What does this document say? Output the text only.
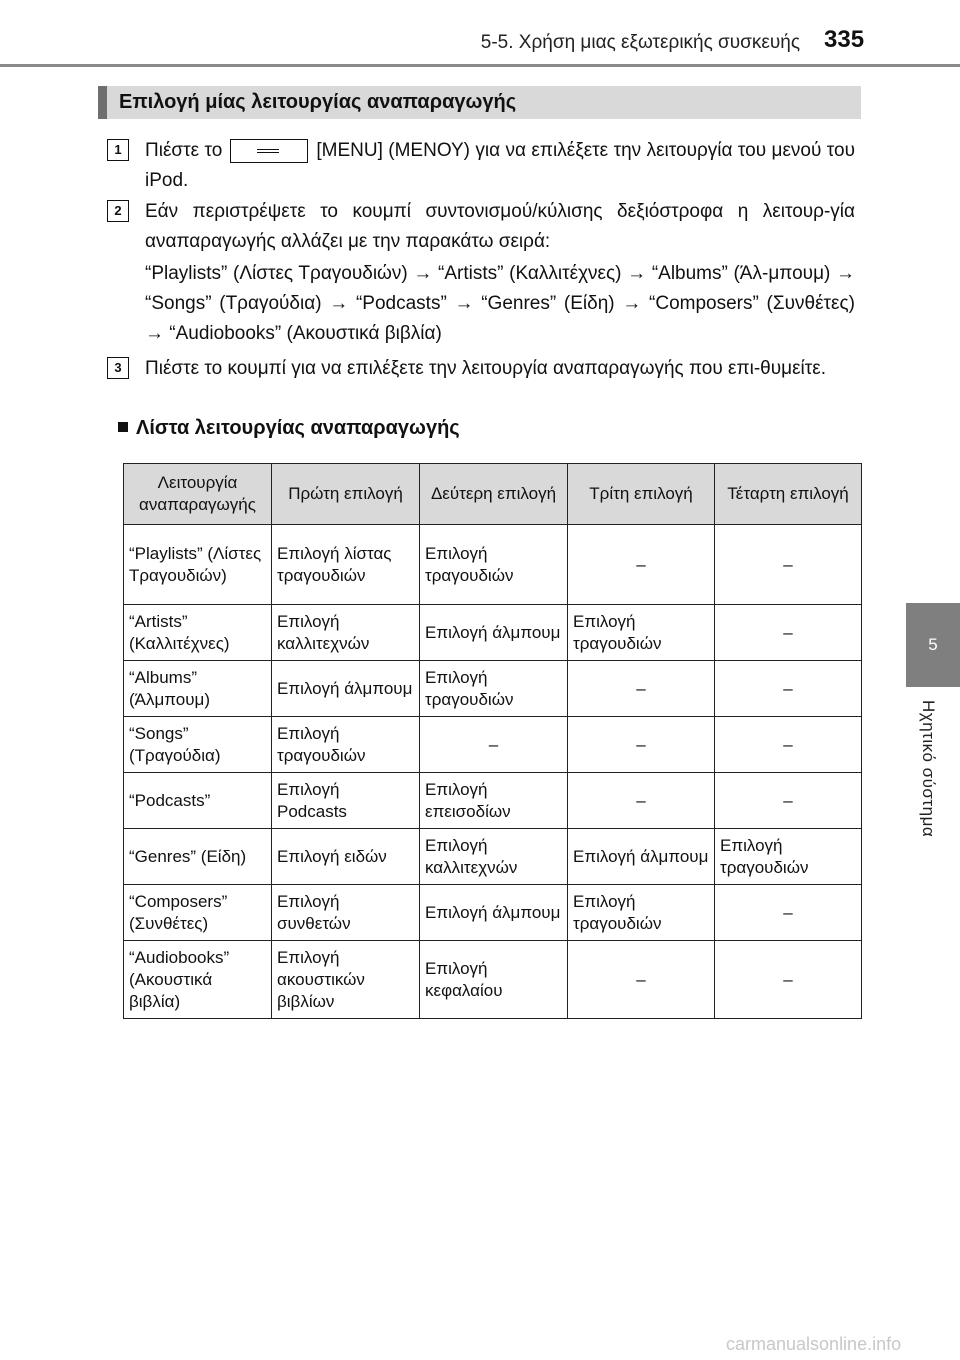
5-5. Χρήση μιας εξωτερικής συσκευής 335
5
Ηχητικό σύστημα
Επιλογή μίας λειτουργίας αναπαραγωγής
1	Πιέστε το	[MENU] (ΜΕΝΟΥ) για να επιλέξετε την λειτουργία του μενού του iPod.
2	Εάν περιστρέψετε το κουμπί συντονισμού/κύλισης δεξιόστροφα η λειτουρ-γία αναπαραγωγής αλλάζει με την παρακάτω σειρά:
“Playlists” (Λίστες Τραγουδιών) → “Artists” (Καλλιτέχνες) → “Albums” (Άλ-μπουμ) → “Songs” (Τραγούδια) → “Podcasts” → “Genres” (Είδη) → “Composers” (Συνθέτες) → “Audiobooks” (Ακουστικά βιβλία)
3	Πιέστε το κουμπί για να επιλέξετε την λειτουργία αναπαραγωγής που επι-θυμείτε.
Λίστα λειτουργίας αναπαραγωγής
Λειτουργία αναπαραγωγής	Πρώτη επιλογή	Δεύτερη επιλογή	Τρίτη επιλογή	Τέταρτη επιλογή
“Playlists” (Λίστες Τραγουδιών)	Επιλογή λίστας τραγουδιών	Επιλογή τραγουδιών	–	–
“Artists” (Καλλιτέχνες)	Επιλογή καλλιτεχνών	Επιλογή άλμπουμ	Επιλογή τραγουδιών	–
“Albums” (Άλμπουμ)	Επιλογή άλμπουμ	Επιλογή τραγουδιών	–	–
“Songs” (Τραγούδια)	Επιλογή τραγουδιών	–	–	–
“Podcasts”	Επιλογή Podcasts	Επιλογή επεισοδίων	–	–
“Genres” (Είδη)	Επιλογή ειδών	Επιλογή καλλιτεχνών	Επιλογή άλμπουμ	Επιλογή τραγουδιών
“Composers” (Συνθέτες)	Επιλογή συνθετών	Επιλογή άλμπουμ	Επιλογή τραγουδιών	–
“Audiobooks” (Ακουστικά βιβλία)	Επιλογή ακουστικών βιβλίων	Επιλογή κεφαλαίου	–	–
carmanualsonline.info
